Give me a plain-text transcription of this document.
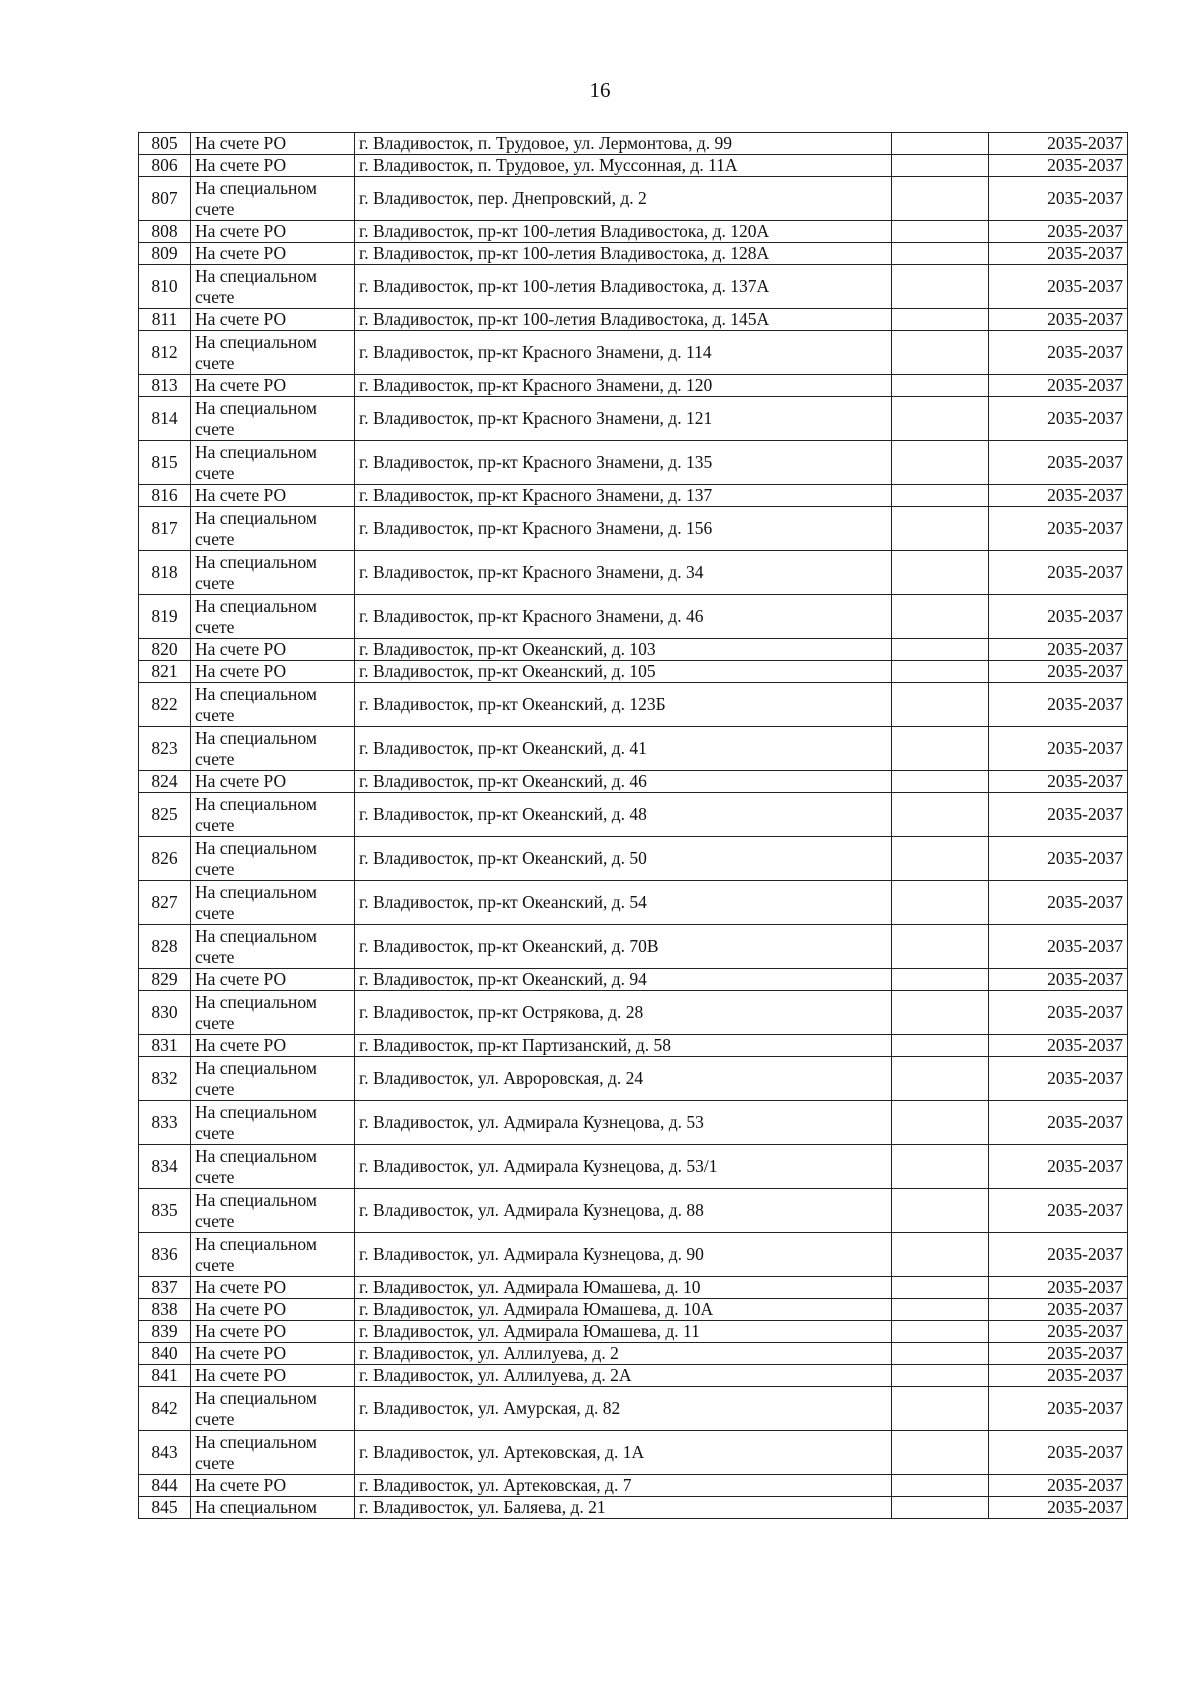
16
805	На счете РО	г. Владивосток, п. Трудовое, ул. Лермонтова, д. 99		2035-2037
806	На счете РО	г. Владивосток, п. Трудовое, ул. Муссонная, д. 11А		2035-2037
807	На специальном счете	г. Владивосток, пер. Днепровский, д. 2		2035-2037
808	На счете РО	г. Владивосток, пр-кт 100-летия Владивостока, д. 120А		2035-2037
809	На счете РО	г. Владивосток, пр-кт 100-летия Владивостока, д. 128А		2035-2037
810	На специальном счете	г. Владивосток, пр-кт 100-летия Владивостока, д. 137А		2035-2037
811	На счете РО	г. Владивосток, пр-кт 100-летия Владивостока, д. 145А		2035-2037
812	На специальном счете	г. Владивосток, пр-кт Красного Знамени, д. 114		2035-2037
813	На счете РО	г. Владивосток, пр-кт Красного Знамени, д. 120		2035-2037
814	На специальном счете	г. Владивосток, пр-кт Красного Знамени, д. 121		2035-2037
815	На специальном счете	г. Владивосток, пр-кт Красного Знамени, д. 135		2035-2037
816	На счете РО	г. Владивосток, пр-кт Красного Знамени, д. 137		2035-2037
817	На специальном счете	г. Владивосток, пр-кт Красного Знамени, д. 156		2035-2037
818	На специальном счете	г. Владивосток, пр-кт Красного Знамени, д. 34		2035-2037
819	На специальном счете	г. Владивосток, пр-кт Красного Знамени, д. 46		2035-2037
820	На счете РО	г. Владивосток, пр-кт Океанский, д. 103		2035-2037
821	На счете РО	г. Владивосток, пр-кт Океанский, д. 105		2035-2037
822	На специальном счете	г. Владивосток, пр-кт Океанский, д. 123Б		2035-2037
823	На специальном счете	г. Владивосток, пр-кт Океанский, д. 41		2035-2037
824	На счете РО	г. Владивосток, пр-кт Океанский, д. 46		2035-2037
825	На специальном счете	г. Владивосток, пр-кт Океанский, д. 48		2035-2037
826	На специальном счете	г. Владивосток, пр-кт Океанский, д. 50		2035-2037
827	На специальном счете	г. Владивосток, пр-кт Океанский, д. 54		2035-2037
828	На специальном счете	г. Владивосток, пр-кт Океанский, д. 70В		2035-2037
829	На счете РО	г. Владивосток, пр-кт Океанский, д. 94		2035-2037
830	На специальном счете	г. Владивосток, пр-кт Острякова, д. 28		2035-2037
831	На счете РО	г. Владивосток, пр-кт Партизанский, д. 58		2035-2037
832	На специальном счете	г. Владивосток, ул. Авроровская, д. 24		2035-2037
833	На специальном счете	г. Владивосток, ул. Адмирала Кузнецова, д. 53		2035-2037
834	На специальном счете	г. Владивосток, ул. Адмирала Кузнецова, д. 53/1		2035-2037
835	На специальном счете	г. Владивосток, ул. Адмирала Кузнецова, д. 88		2035-2037
836	На специальном счете	г. Владивосток, ул. Адмирала Кузнецова, д. 90		2035-2037
837	На счете РО	г. Владивосток, ул. Адмирала Юмашева, д. 10		2035-2037
838	На счете РО	г. Владивосток, ул. Адмирала Юмашева, д. 10А		2035-2037
839	На счете РО	г. Владивосток, ул. Адмирала Юмашева, д. 11		2035-2037
840	На счете РО	г. Владивосток, ул. Аллилуева, д. 2		2035-2037
841	На счете РО	г. Владивосток, ул. Аллилуева, д. 2А		2035-2037
842	На специальном счете	г. Владивосток, ул. Амурская, д. 82		2035-2037
843	На специальном счете	г. Владивосток, ул. Артековская, д. 1А		2035-2037
844	На счете РО	г. Владивосток, ул. Артековская, д. 7		2035-2037
845	На специальном	г. Владивосток, ул. Баляева, д. 21		2035-2037
